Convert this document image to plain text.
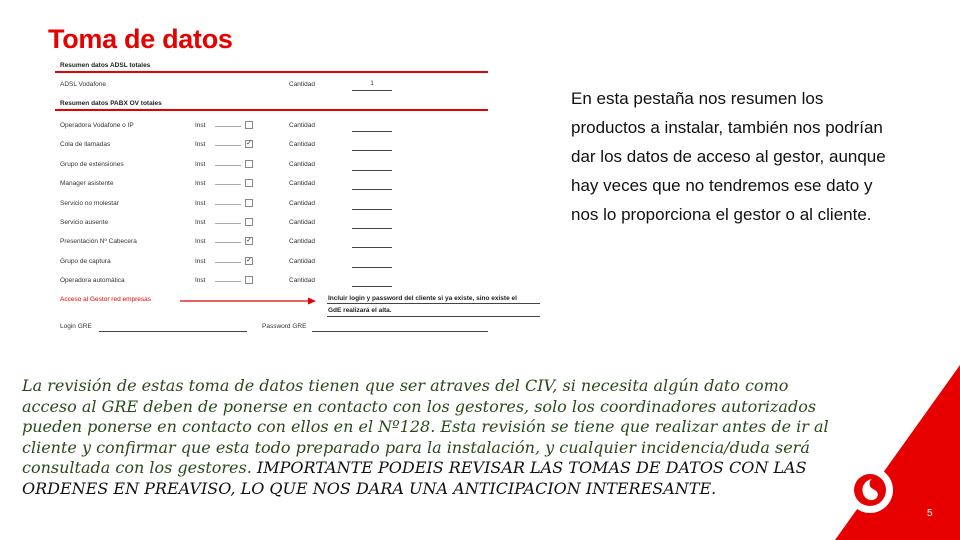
Toma de datos
Resumen datos ADSL totales
ADSL Vodafone	Cantidad	1
Resumen datos PABX OV totales
Operadora Vodafone o IP	Inst	Cantidad
Cola de llamadas	Inst	✓	Cantidad
Grupo de extensiones	Inst	Cantidad
Manager asistente	Inst	Cantidad
Servicio no molestar	Inst	Cantidad
Servicio ausente	Inst	Cantidad
Presentación Nº Cabecera	Inst	✓	Cantidad
Grupo de captura	Inst	✓	Cantidad
Operadora automática	Inst	Cantidad
Acceso al Gestor red empresas	Incluir login y password del cliente si ya existe, sino existe el
GdE realizará el alta.
Login GRE	Password GRE
En esta pestaña nos resumen los productos a instalar, también nos podrían dar los datos de acceso al gestor, aunque hay veces que no tendremos ese dato y nos lo proporciona el gestor o al cliente.
La revisión de estas toma de datos tienen que ser atraves del CIV, si necesita algún dato como acceso al GRE deben de ponerse en contacto con los gestores, solo los coordinadores autorizados pueden ponerse en contacto con ellos en el Nº128. Esta revisión se tiene que realizar antes de ir al cliente y confirmar que esta todo preparado para la instalación, y cualquier incidencia/duda será consultada con los gestores. IMPORTANTE PODEIS REVISAR LAS TOMAS DE DATOS CON LAS ORDENES EN PREAVISO, LO QUE NOS DARA UNA ANTICIPACION INTERESANTE.
5
